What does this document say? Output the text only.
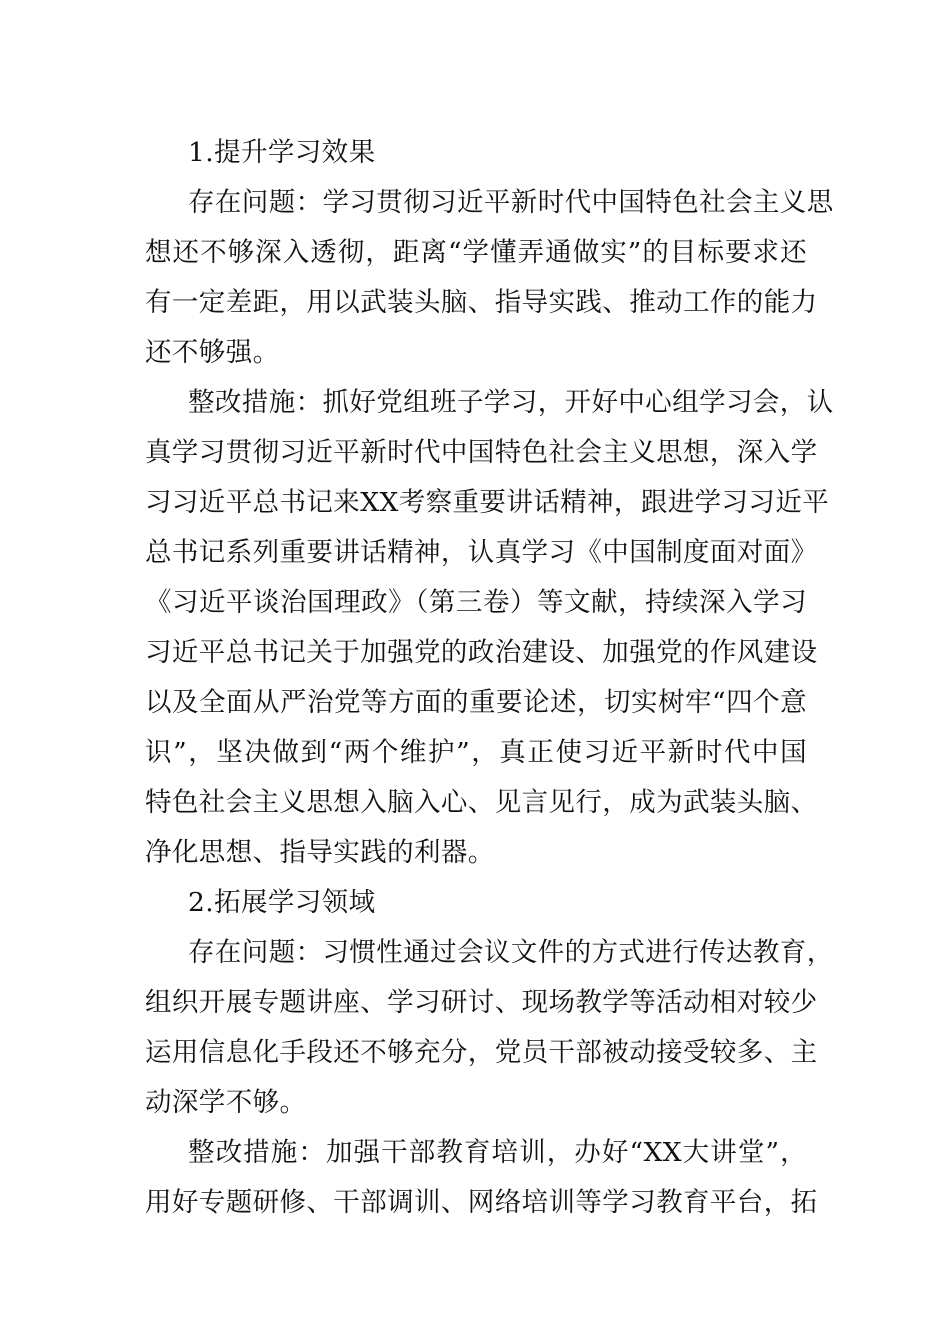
1.提升学习效果
存在问题：学习贯彻习近平新时代中国特色社会主义思
想还不够深入透彻，距离“学懂弄通做实”的目标要求还
有一定差距，用以武装头脑、指导实践、推动工作的能力
还不够强。
整改措施：抓好党组班子学习，开好中心组学习会，认
真学习贯彻习近平新时代中国特色社会主义思想，深入学
习习近平总书记来XX考察重要讲话精神，跟进学习习近平
总书记系列重要讲话精神，认真学习《中国制度面对面》
《习近平谈治国理政》（第三卷）等文献，持续深入学习
习近平总书记关于加强党的政治建设、加强党的作风建设
以及全面从严治党等方面的重要论述，切实树牢“四个意
识”，坚决做到“两个维护”，真正使习近平新时代中国
特色社会主义思想入脑入心、见言见行，成为武装头脑、
净化思想、指导实践的利器。
2.拓展学习领域
存在问题：习惯性通过会议文件的方式进行传达教育，
组织开展专题讲座、学习研讨、现场教学等活动相对较少
运用信息化手段还不够充分，党员干部被动接受较多、主
动深学不够。
整改措施：加强干部教育培训，办好“XX大讲堂”，
用好专题研修、干部调训、网络培训等学习教育平台，拓
